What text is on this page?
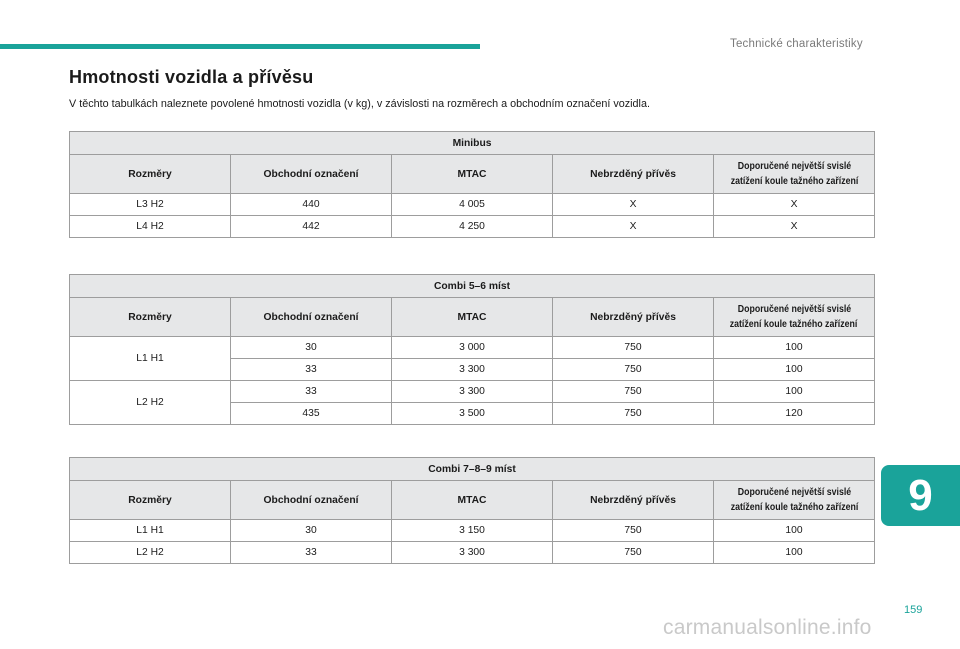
Technické charakteristiky
Hmotnosti vozidla a přívěsu

V těchto tabulkách naleznete povolené hmotnosti vozidla (v kg), v závislosti na rozměrech a obchodním označení vozidla.

Minibus				
Rozměry	Obchodní označení	MTAC	Nebrzděný přívěs	Doporučené největší svislé
zatížení koule tažného zařízení
L3 H2	440	4 005	X	X
L4 H2	442	4 250	X	X
Combi 5–6 míst				
Rozměry	Obchodní označení	MTAC	Nebrzděný přívěs	Doporučené největší svislé
zatížení koule tažného zařízení
L1 H1	30	3 000	750	100
	33	3 300	750	100
L2 H2	33	3 300	750	100
	435	3 500	750	120
Combi 7–8–9 míst				
Rozměry	Obchodní označení	MTAC	Nebrzděný přívěs	Doporučené největší svislé
zatížení koule tažného zařízení
L1 H1	30	3 150	750	100
L2 H2	33	3 300	750	100
9
159
carmanualsonline.info
